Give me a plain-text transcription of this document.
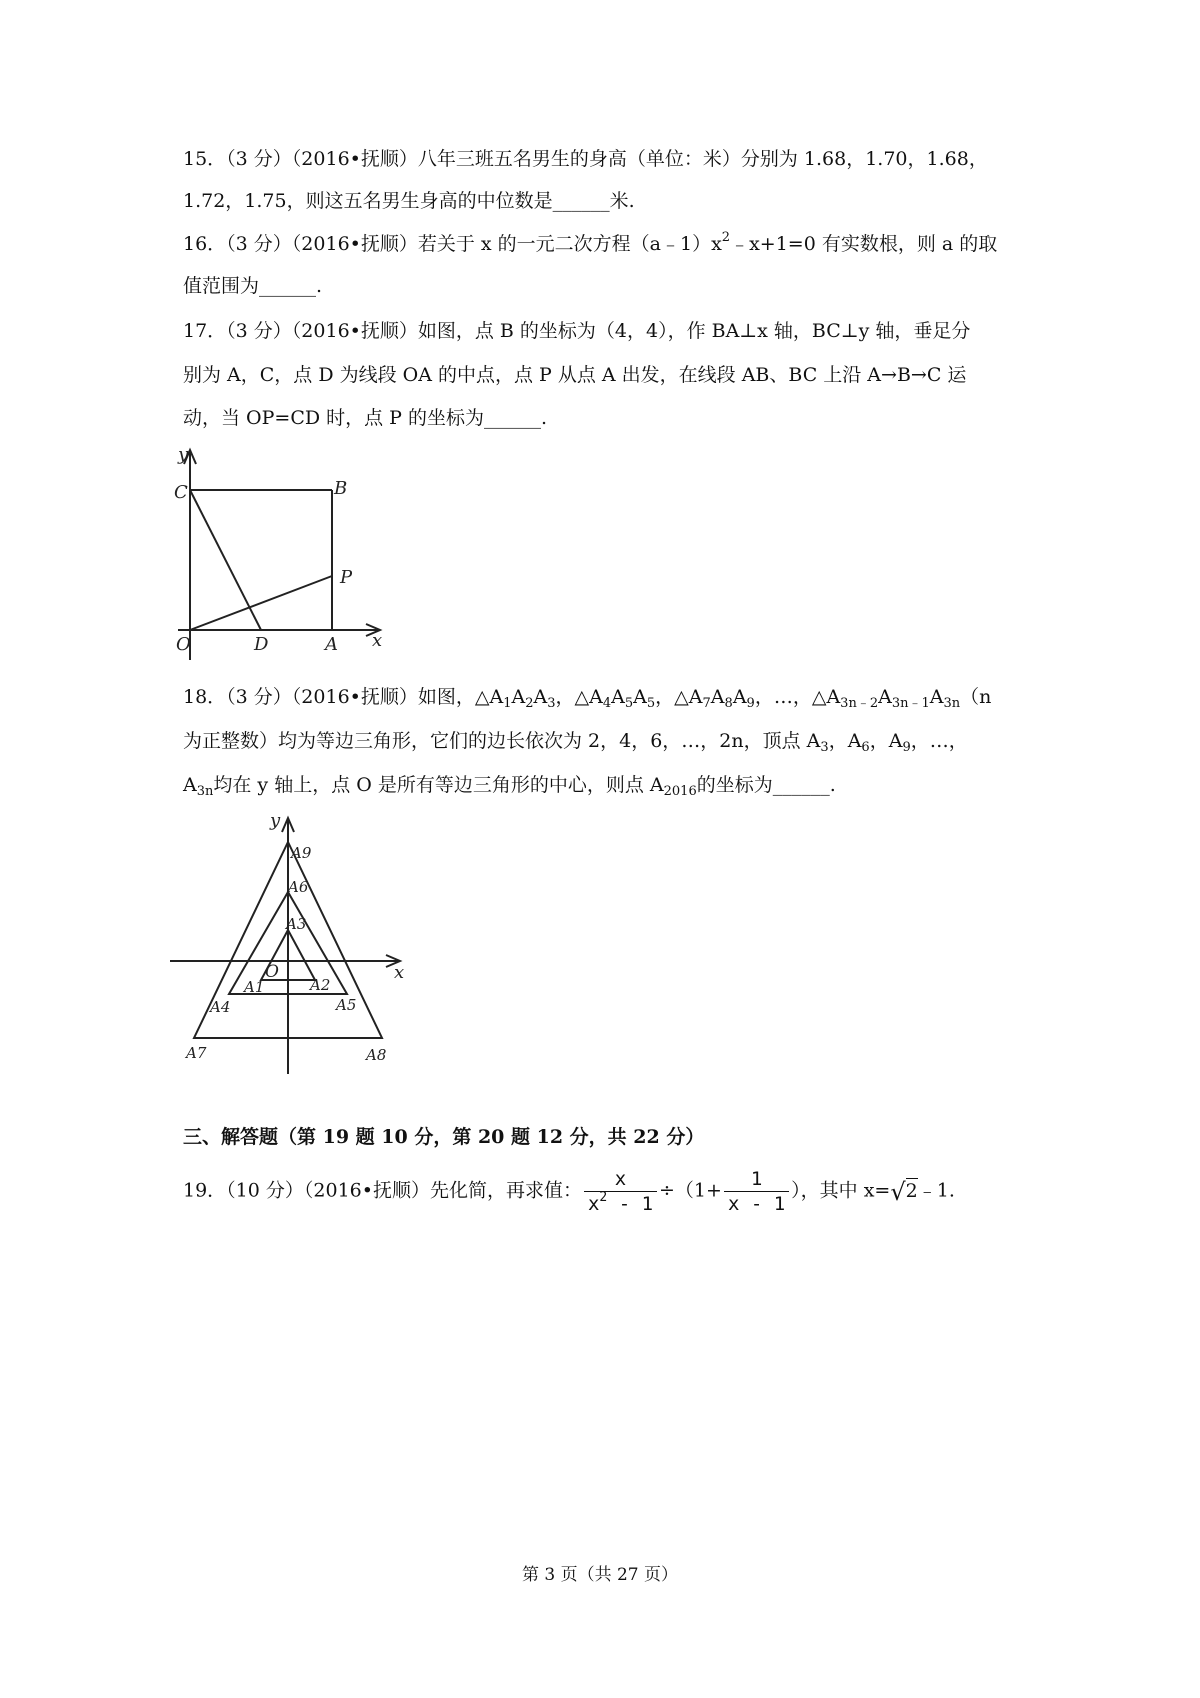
15．（3 分）（2016•抚顺）八年三班五名男生的身高（单位：米）分别为 1.68，1.70，1.68，
1.72，1.75，则这五名男生身高的中位数是______米.
16．（3 分）（2016•抚顺）若关于 x 的一元二次方程$(a﹣1)x^2﹣x+1=0$ 有实数根，则 a 的取
值范围为______.
17．（3 分）（2016•抚顺）如图，点 B 的坐标为（4，4），作 BA⊥x 轴，BC⊥y 轴，垂足分
别为 A，C，点 D 为线段 OA 的中点，点 P 从点 A 出发，在线段 AB、BC 上沿 A→B→C 运
动，当 OP=CD 时，点 P 的坐标为______.
y
x
C	B
P
O	D	A
18．（3 分）（2016•抚顺）如图，$\triangle A_1A_2A_3$，$\triangle A_4A_5A_5$，$\triangle A_7A_8A_9$，…，$\triangle A_{3n﹣2}A_{3n﹣1}A_{3n}(n$
为正整数）均为等边三角形，它们的边长依次为 2，4，6，…，2n，顶点 $A_3$，$A_6$，$A_9$，…，
$A_{3n}$均在 y 轴上，点 O 是所有等边三角形的中心，则点 $A_{2016}$的坐标为______.
y
x
O
A9
A6
A3
A1	A2
A4	A5
A7	A8
三、解答题（第 19 题 10 分，第 20 题 12 分，共 22 分）
19．（10 分）（2016•抚顺）先化简，再求值： $\frac{x}{x^2 - 1} \div(1+ \frac{1}{x - 1}$ ），其中 x=√2﹣1.
第 3 页（共 27 页）
